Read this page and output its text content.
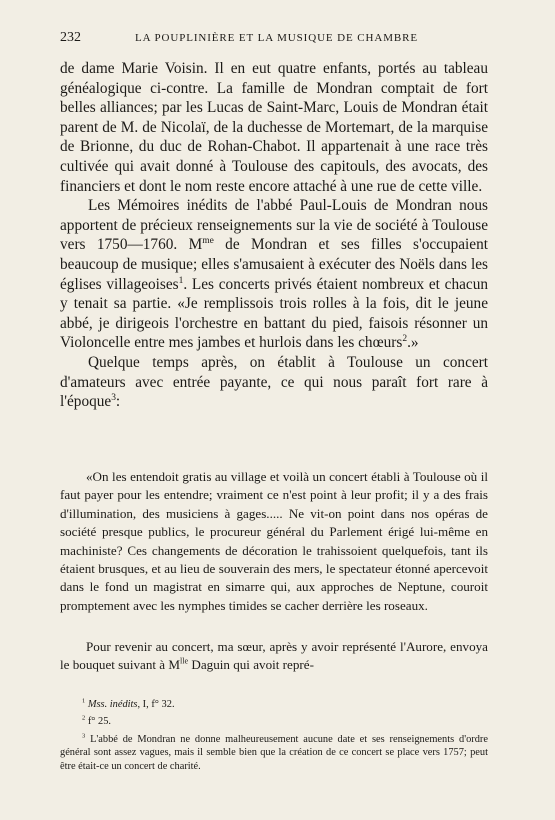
232	LA POUPLINIÈRE ET LA MUSIQUE DE CHAMBRE

de dame Marie Voisin. Il en eut quatre enfants, portés au tableau généalogique ci-contre. La famille de Mondran comptait de fort belles alliances; par les Lucas de Saint-Marc, Louis de Mondran était parent de M. de Nicolaï, de la duchesse de Mortemart, de la marquise de Brionne, du duc de Rohan-Chabot. Il appartenait à une race très cultivée qui avait donné à Toulouse des capitouls, des avocats, des financiers et dont le nom reste encore attaché à une rue de cette ville.

Les Mémoires inédits de l'abbé Paul-Louis de Mondran nous apportent de précieux renseignements sur la vie de société à Toulouse vers 1750—1760. $M^{me}$ de Mondran et ses filles s'occupaient beaucoup de musique; elles s'amusaient à exécuter des Noëls dans les églises villageoises$^1$. Les concerts privés étaient nombreux et chacun y tenait sa partie. «Je remplissois trois rolles à la fois, dit le jeune abbé, je dirigeois l'orchestre en battant du pied, faisois résonner un Violoncelle entre mes jambes et hurlois dans les chœurs$^2$.»

Quelque temps après, on établit à Toulouse un concert d'amateurs avec entrée payante, ce qui nous paraît fort rare à l'époque$^3$:

«On les entendoit gratis au village et voilà un concert établi à Toulouse où il faut payer pour les entendre; vraiment ce n'est point à leur profit; il y a des frais d'illumination, des musiciens à gages..... Ne vit-on point dans nos opéras de société presque publics, le procureur général du Parlement érigé lui-même en machiniste? Ces changements de décoration le trahissoient quelquefois, tant ils étaient brusques, et au lieu de souverain des mers, le spectateur étonné apercevoit dans le fond un magistrat en simarre qui, aux approches de Neptune, couroit promptement avec les nymphes timides se cacher derrière les roseaux.

Pour revenir au concert, ma sœur, après y avoir représenté l'Aurore, envoya le bouquet suivant à $M^{lle}$ Daguin qui avoit repré-

$^1$ Mss. inédits, I, f° 32.

$^2$ f° 25.

$^3$ L'abbé de Mondran ne donne malheureusement aucune date et ses renseignements d'ordre général sont assez vagues, mais il semble bien que la création de ce concert se place vers 1757; peut être était-ce un concert de charité.
